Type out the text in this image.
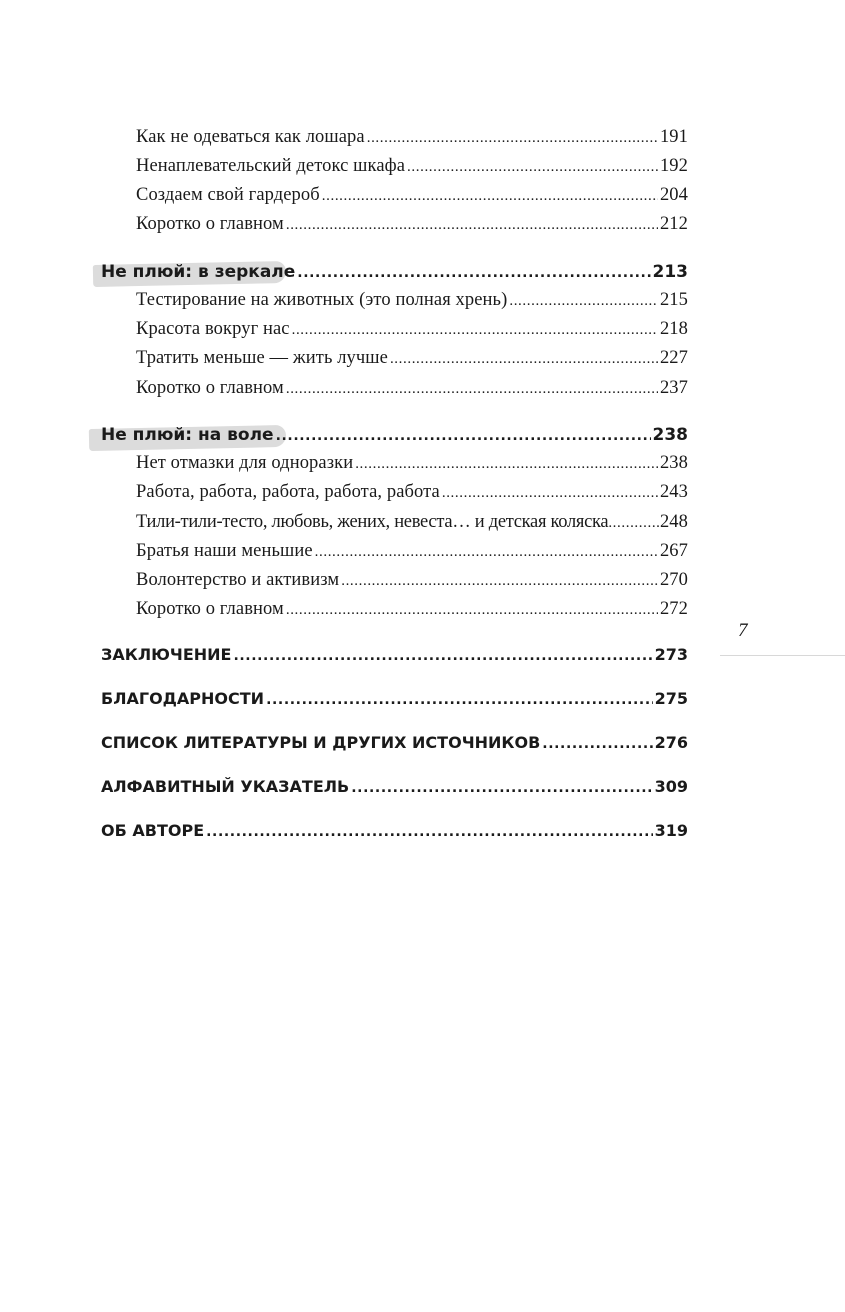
Как не одеваться как лошара .....	191
Ненаплевательский детокс шкафа .....	192
Создаем свой гардероб .....	204
Коротко о главном .....	212
Не плюй: в зеркале .....	213
Тестирование на животных (это полная хрень) .....	215
Красота вокруг нас .....	218
Тратить меньше — жить лучше .....	227
Коротко о главном .....	237
Не плюй: на воле .....	238
Нет отмазки для одноразки .....	238
Работа, работа, работа, работа, работа .....	243
Тили-тили-тесто, любовь, жених, невеста… и детская коляска .....	248
Братья наши меньшие .....	267
Волонтерство и активизм .....	270
Коротко о главном .....	272
ЗАКЛЮЧЕНИЕ .....	273
БЛАГОДАРНОСТИ .....	275
СПИСОК ЛИТЕРАТУРЫ И ДРУГИХ ИСТОЧНИКОВ .....	276
АЛФАВИТНЫЙ УКАЗАТЕЛЬ .....	309
ОБ АВТОРЕ .....	319
7
